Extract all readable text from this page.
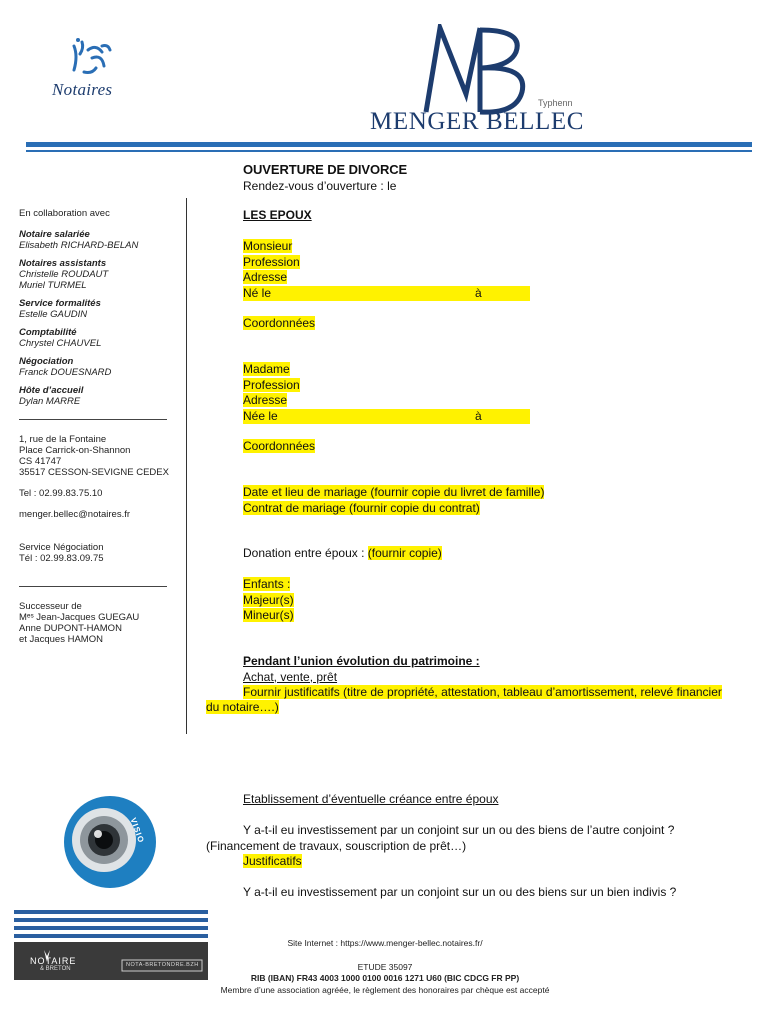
Notaires
Typhenn
MENGER BELLEC
OUVERTURE DE DIVORCE
Rendez-vous d’ouverture : le
En collaboration avec
Notaire salariée
Elisabeth RICHARD-BELAN
Notaires assistants
Christelle ROUDAUT
Muriel TURMEL
Service formalités
Estelle GAUDIN
Comptabilité
Chrystel CHAUVEL
Négociation
Franck DOUESNARD
Hôte d’accueil
Dylan MARRE
1, rue de la Fontaine
Place Carrick-on-Shannon
CS 41747
35517 CESSON-SEVIGNE CEDEX
Tel : 02.99.83.75.10
menger.bellec@notaires.fr
Service Négociation
Tél : 02.99.83.09.75
Successeur de
Mᵉˢ Jean-Jacques GUEGAU
Anne DUPONT-HAMON
et Jacques HAMON
LES EPOUX
Monsieur
Profession
Adresse
Né le	à
Coordonnées
Madame
Profession
Adresse
Née le	à
Coordonnées
Date et lieu de mariage (fournir copie du livret de famille)
Contrat de mariage (fournir copie du contrat)
Donation entre époux : (fournir copie)
Enfants :
Majeur(s)
Mineur(s)
Pendant l’union évolution du patrimoine :
Achat, vente, prêt
Fournir justificatifs (titre de propriété, attestation, tableau d’amortissement, relevé financier
du notaire….)
Etablissement d’éventuelle créance entre époux
Y a-t-il eu investissement par un conjoint sur un ou des biens de l’autre conjoint ?
(Financement de travaux, souscription de prêt…)
Justificatifs
Y a-t-il eu investissement par un conjoint sur un ou des biens sur un bien indivis ?
VISIO
NOTAIRE
& BRETON
NOTA-BRETONDRE.BZH
Site Internet : https://www.menger-bellec.notaires.fr/
ETUDE 35097
RIB (IBAN) FR43 4003 1000 0100 0016 1271 U60 (BIC CDCG FR PP)
Membre d’une association agréée, le règlement des honoraires par chèque est accepté
